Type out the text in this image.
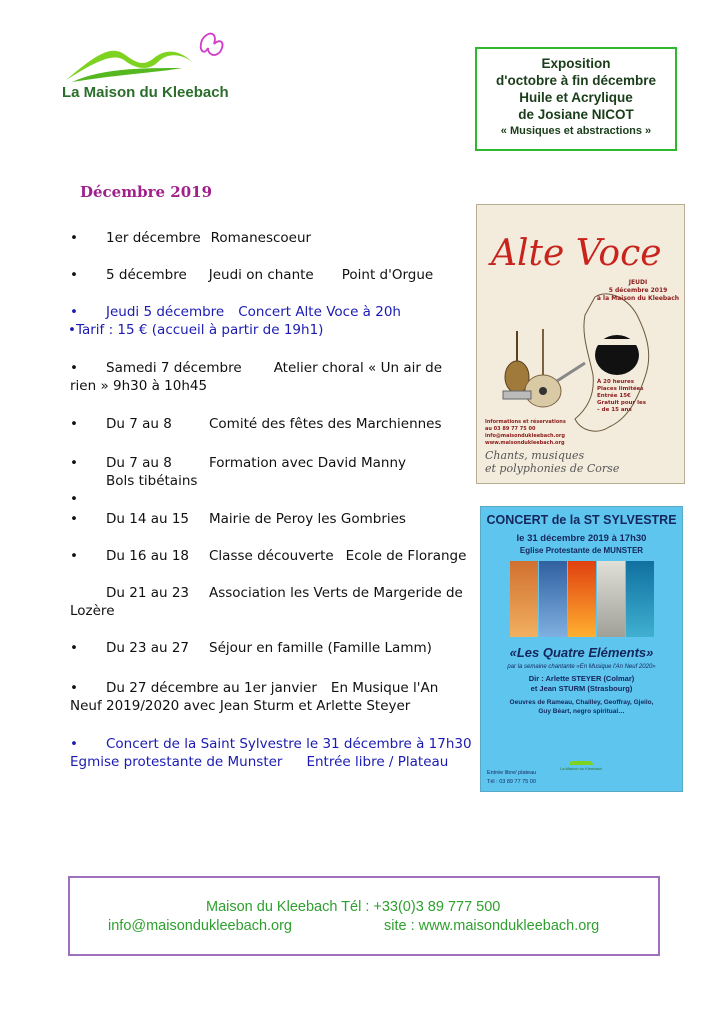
La Maison du Kleebach
Exposition
d'octobre à fin décembre
Huile et Acrylique
de Josiane NICOT
« Musiques et abstractions »
Décembre 2019
• 1er décembre Romanescoeur
• 5 décembre Jeudi on chante Point d'Orgue
• Jeudi 5 décembre Concert Alte Voce à 20h
•Tarif : 15 € (accueil à partir de 19h1)
• Samedi 7 décembre Atelier choral « Un air de
rien » 9h30 à 10h45
• Du 7 au 8	Comité des fêtes des Marchiennes
• Du 7 au 8	Formation avec David Manny
Bols tibétains
•
• Du 14 au 15 Mairie de Peroy les Gombries
• Du 16 au 18 Classe découverte Ecole de Florange
Du 21 au 23 Association les Verts de Margeride de
Lozère
• Du 23 au 27 Séjour en famille (Famille Lamm)
• Du 27 décembre au 1er janvier En Musique l'An
Neuf 2019/2020 avec Jean Sturm et Arlette Steyer
• Concert de la Saint Sylvestre le 31 décembre à 17h30
Egmise protestante de Munster Entrée libre / Plateau
Alte Voce
JEUDI
5 décembre 2019
à la Maison du Kleebach
À 20 heures
Places limitées
Entrée 15€
Gratuit pour les
– de 15 ans
Informations et réservations
au 03 89 77 75 00
info@maisondukleebach.org
www.maisondukleebach.org
Chants, musiques
et polyphonies de Corse
CONCERT de la ST SYLVESTRE
le 31 décembre 2019 à 17h30
Eglise Protestante de MUNSTER
«Les Quatre Eléments»
par la semaine chantante «En Musique l'An Neuf 2020»
Dir : Arlette STEYER (Colmar)
et Jean STURM (Strasbourg)
Oeuvres de Rameau, Chailley, Geoffray, Gjeilo,
Guy Béart, negro spiritual…
Entrée libre/ plateau
Tél : 03 89 77 75 00
La Maison du Kleebach
Maison du Kleebach Tél : +33(0)3 89 777 500
info@maisondukleebach.org	site : www.maisondukleebach.org
